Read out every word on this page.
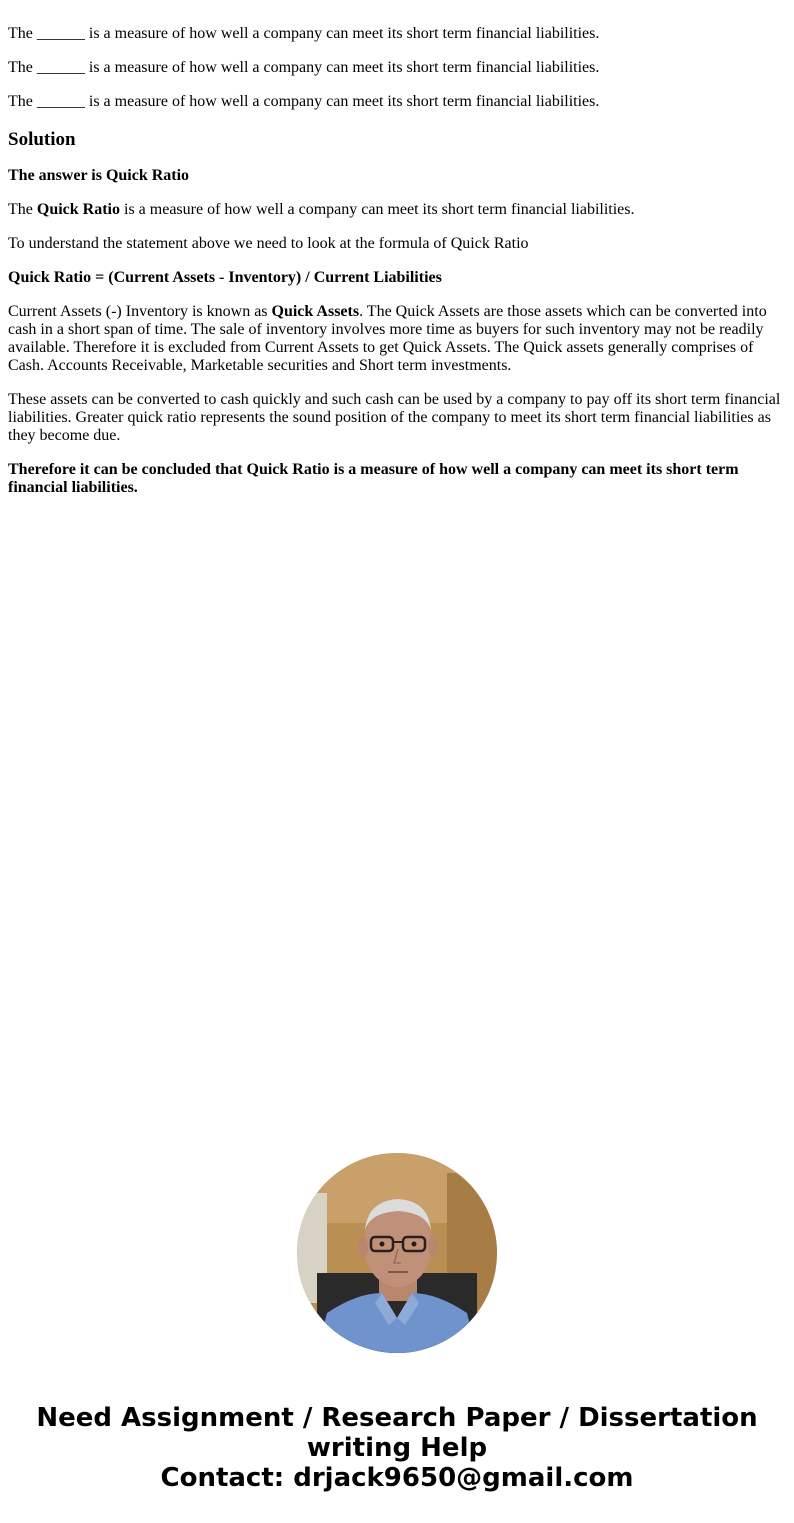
The ______ is a measure of how well a company can meet its short term financial liabilities.

The ______ is a measure of how well a company can meet its short term financial liabilities.

The ______ is a measure of how well a company can meet its short term financial liabilities.

Solution

The answer is Quick Ratio

The Quick Ratio is a measure of how well a company can meet its short term financial liabilities.

To understand the statement above we need to look at the formula of Quick Ratio

Quick Ratio = (Current Assets - Inventory) / Current Liabilities

Current Assets (-) Inventory is known as Quick Assets. The Quick Assets are those assets which can be converted into cash in a short span of time. The sale of inventory involves more time as buyers for such inventory may not be readily available. Therefore it is excluded from Current Assets to get Quick Assets. The Quick assets generally comprises of Cash. Accounts Receivable, Marketable securities and Short term investments.

These assets can be converted to cash quickly and such cash can be used by a company to pay off its short term financial liabilities. Greater quick ratio represents the sound position of the company to meet its short term financial liabilities as they become due.

Therefore it can be concluded that Quick Ratio is a measure of how well a company can meet its short term financial liabilities.

Need Assignment / Research Paper / Dissertation
writing Help
Contact: drjack9650@gmail.com
